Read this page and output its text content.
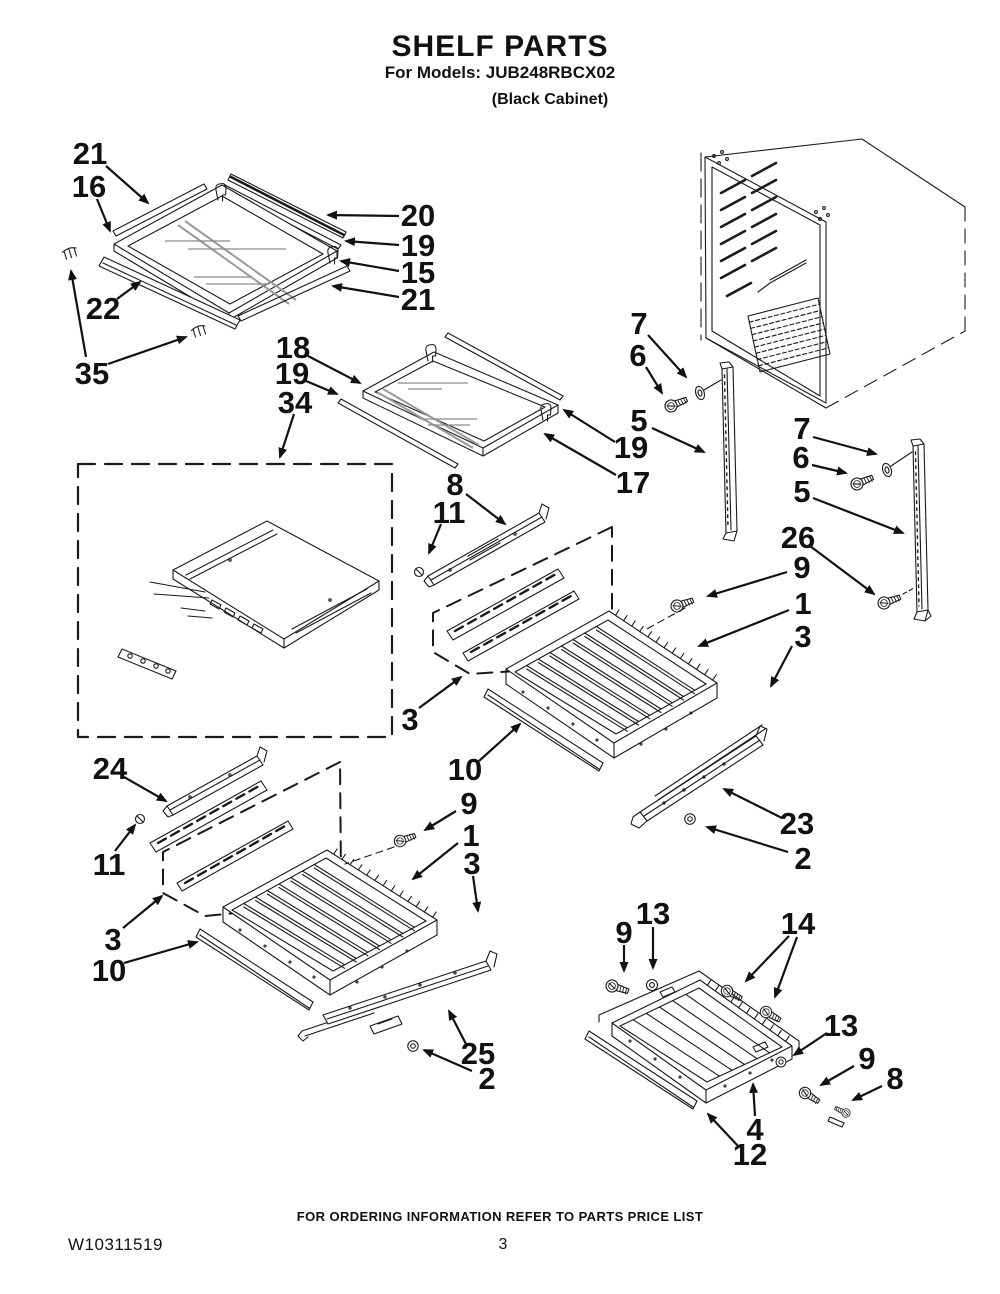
SHELF PARTS
For Models: JUB248RBCX02
(Black Cabinet)
21
16
20
19
15
21
22
35
18
19
34
19
17
7
6
5	7
6
5
26
9
1
3
8
11
3
10
23
2
24
11
3
10
9
1
3
25
2
9
13	14
13
9
8
4
12
FOR ORDERING INFORMATION REFER TO PARTS PRICE LIST
W10311519	3
